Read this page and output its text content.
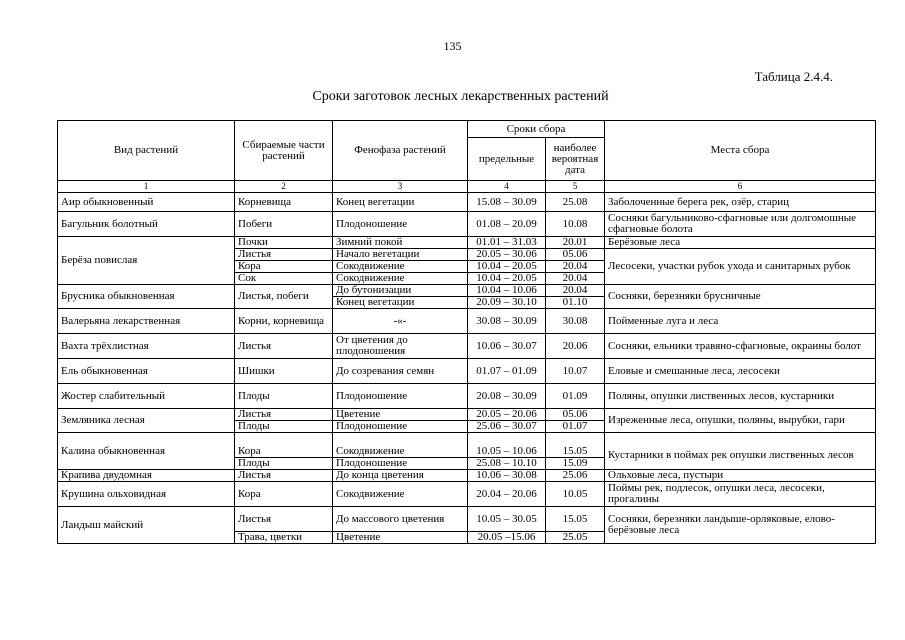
135
Таблица 2.4.4.
Сроки заготовок лесных лекарственных растений
Вид растений	Сбираемые части растений	Фенофаза растений	Сроки сбора		Места сбора
			предельные	наиболее вероятная дата	
1	2	3	4	5	6
Аир обыкновенный	Корневища	Конец вегетации	15.08 – 30.09	25.08	Заболоченные берега рек, озёр, стариц
Багульник болотный	Побеги	Плодоношение	01.08 – 20.09	10.08	Сосняки багульниково-сфагновые или долгомошные сфагновые болота
Берёза повислая	Почки	Зимний покой	01.01 – 31.03	20.01	Берёзовые леса
	Листья	Начало вегетации	20.05 – 30.06	05.06	Лесосеки, участки рубок ухода и санитарных рубок
	Кора	Сокодвижение	10.04 – 20.05	20.04	
	Сок	Сокодвижение	10.04 – 20.05	20.04	
Брусника обыкновенная	Листья, побеги	До бутонизации	10.04 – 10.06	20.04	Сосняки, березняки брусничные
		Конец вегетации	20.09 – 30.10	01.10	
Валерьяна лекарственная	Корни, корневища	-«-	30.08 – 30.09	30.08	Пойменные луга и леса
Вахта трёхлистная	Листья	От цветения до плодоношения	10.06 – 30.07	20.06	Сосняки, ельники травяно-сфагновые, окраины болот
Ель обыкновенная	Шишки	До созревания семян	01.07 – 01.09	10.07	Еловые и смешанные леса, лесосеки
Жостер слабительный	Плоды	Плодоношение	20.08 – 30.09	01.09	Поляны, опушки лиственных лесов, кустарники
Земляника лесная	Листья	Цветение	20.05 – 20.06	05.06	Изреженные леса, опушки, поляны, вырубки, гари
	Плоды	Плодоношение	25.06 – 30.07	01.07	
Калина обыкновенная	Кора	Сокодвижение	10.05 – 10.06	15.05	Кустарники в поймах рек опушки лиственных лесов
	Плоды	Плодоношение	25.08 – 10.10	15.09	
Крапива двудомная	Листья	До конца цветения	10.06 – 30.08	25.06	Ольховые леса, пустыри
Крушина ольховидная	Кора	Сокодвижение	20.04 – 20.06	10.05	Поймы рек, подлесок, опушки леса, лесосеки, прогалины
Ландыш майский	Листья	До массового цветения	10.05 – 30.05	15.05	Сосняки, березняки ландыше-орляковые, елово-берёзовые леса
	Трава, цветки	Цветение	20.05 –15.06	25.05	
